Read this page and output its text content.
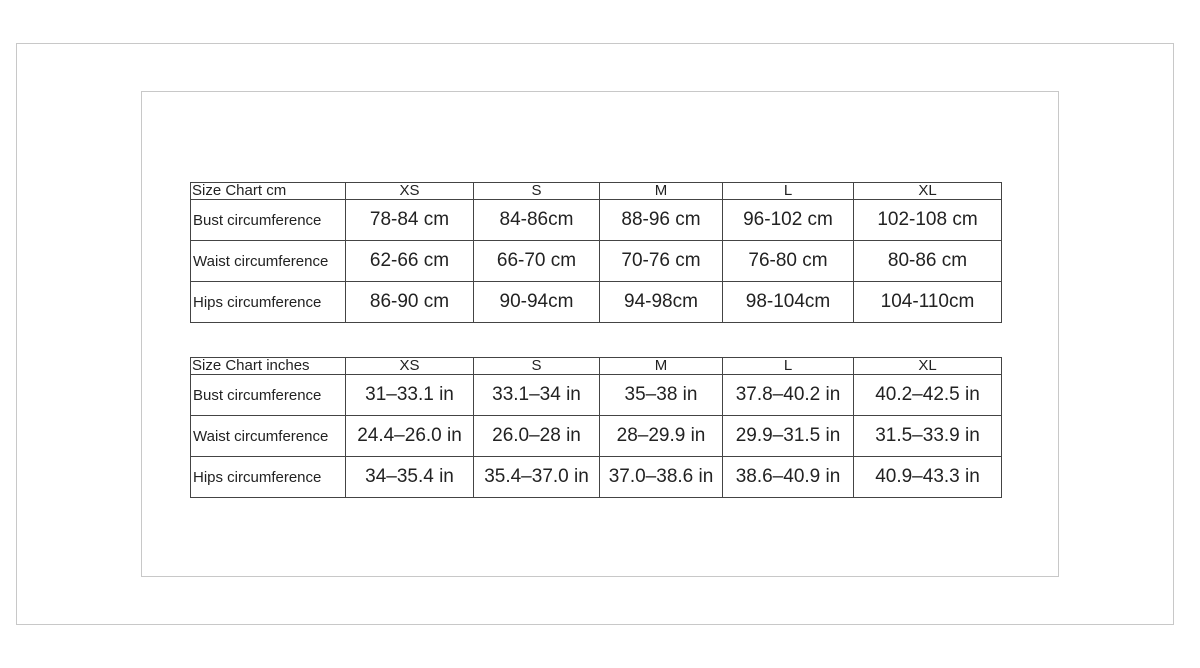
Size Chart cm	XS	S	M	L	XL
Bust circumference	78-84 cm	84-86cm	88-96 cm	96-102 cm	102-108 cm
Waist circumference	62-66 cm	66-70 cm	70-76 cm	76-80 cm	80-86 cm
Hips circumference	86-90 cm	90-94cm	94-98cm	98-104cm	104-110cm
Size Chart inches	XS	S	M	L	XL
Bust circumference	31–33.1 in	33.1–34 in	35–38 in	37.8–40.2 in	40.2–42.5 in
Waist circumference	24.4–26.0 in	26.0–28 in	28–29.9 in	29.9–31.5 in	31.5–33.9 in
Hips circumference	34–35.4 in	35.4–37.0 in	37.0–38.6 in	38.6–40.9 in	40.9–43.3 in
